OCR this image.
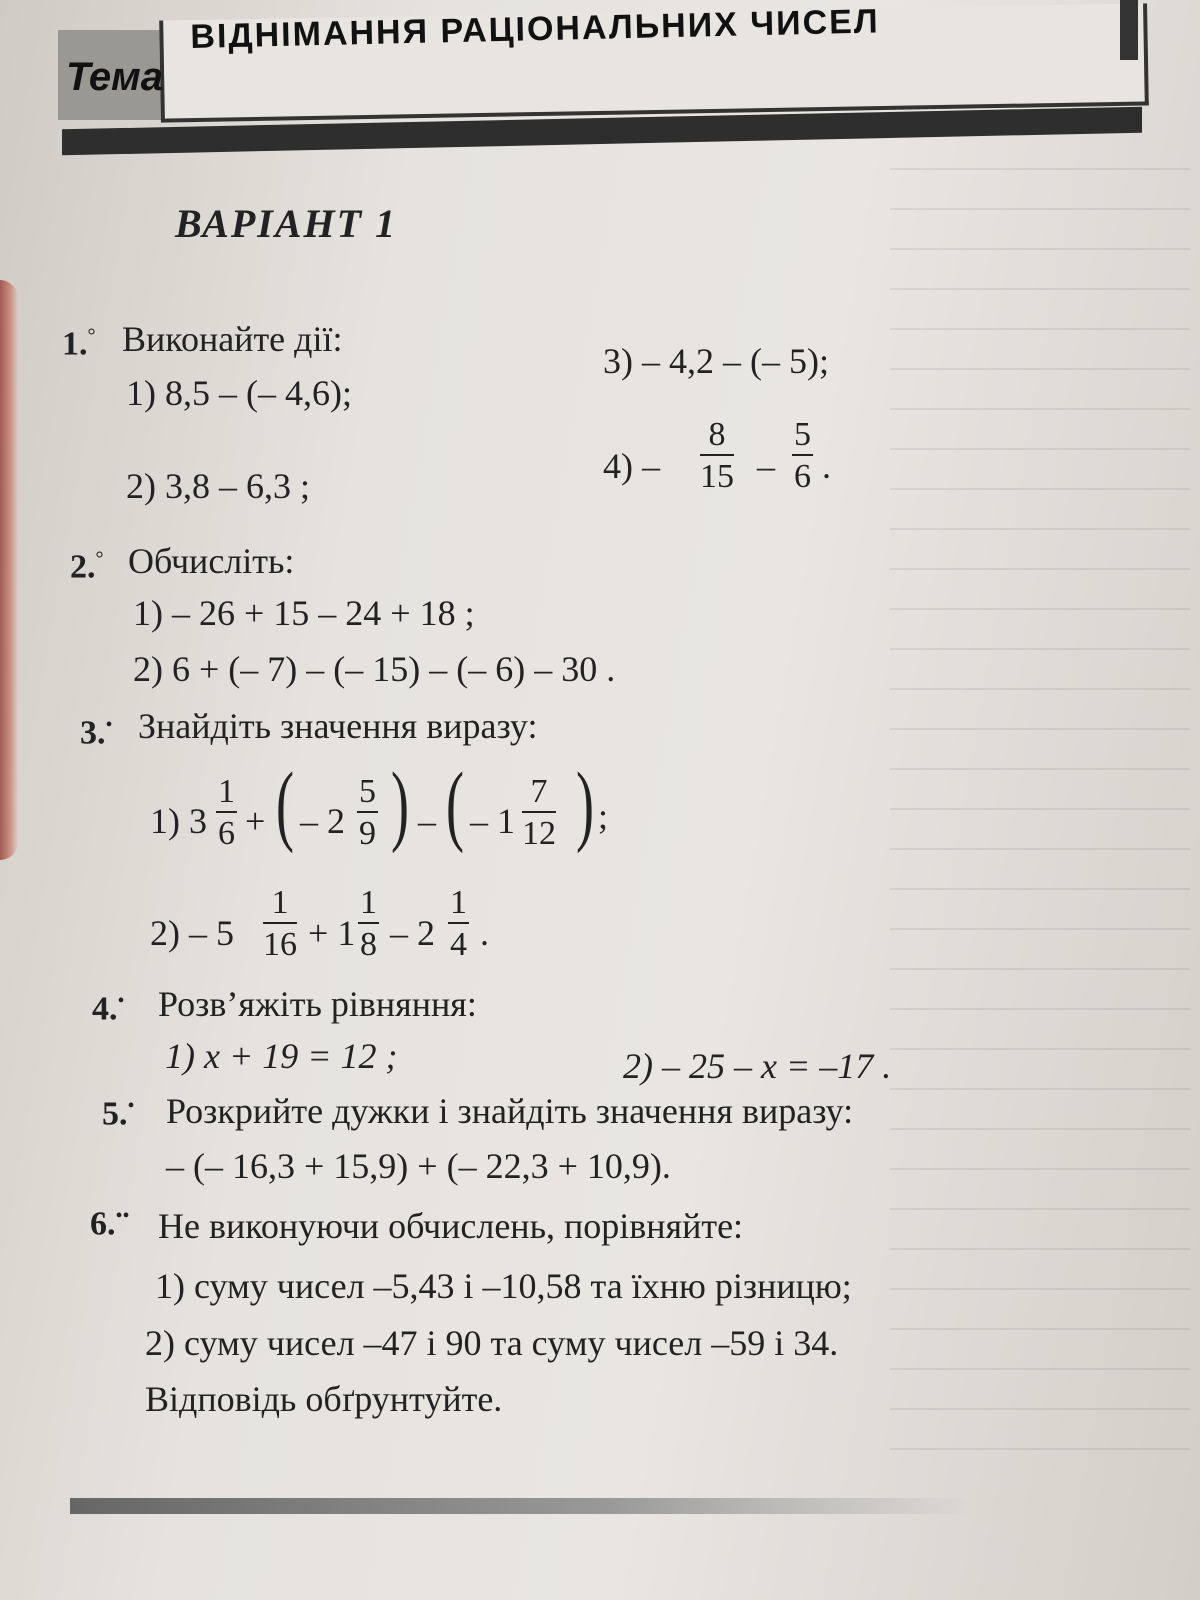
Тема
ВІДНІМАННЯ РАЦІОНАЛЬНИХ ЧИСЕЛ
ВАРІАНТ 1
1.° Виконайте дії:
1) 8,5 – (– 4,6);
2) 3,8 – 6,3 ;
3) – 4,2 – (– 5);
$4) - \frac{8}{15} - \frac{5}{6}$ .
2.° Обчисліть:
1) – 26 + 15 – 24 + 18 ;
2) 6 + (– 7) – (– 15) – (– 6) – 30 .
3.• Знайдіть значення виразу:
1) $3 \frac{1}{6}$ + ( – $2 \frac{5}{9}$ ) – ( – $1 \frac{7}{12}$ ) ;
$2) - 5 \frac{1}{16} + 1 \frac{1}{8} - 2 \frac{1}{4}$ .
4.• Розв’яжіть рівняння:
1) x + 19 = 12 ;	2) – 25 – x = –17 .
5.• Розкрийте дужки і знайдіть значення виразу:
– (– 16,3 + 15,9) + (– 22,3 + 10,9).
6.•• Не виконуючи обчислень, порівняйте:
1) суму чисел –5,43 і –10,58 та їхню різницю;
2) суму чисел –47 і 90 та суму чисел –59 і 34.
Відповідь обґрунтуйте.
